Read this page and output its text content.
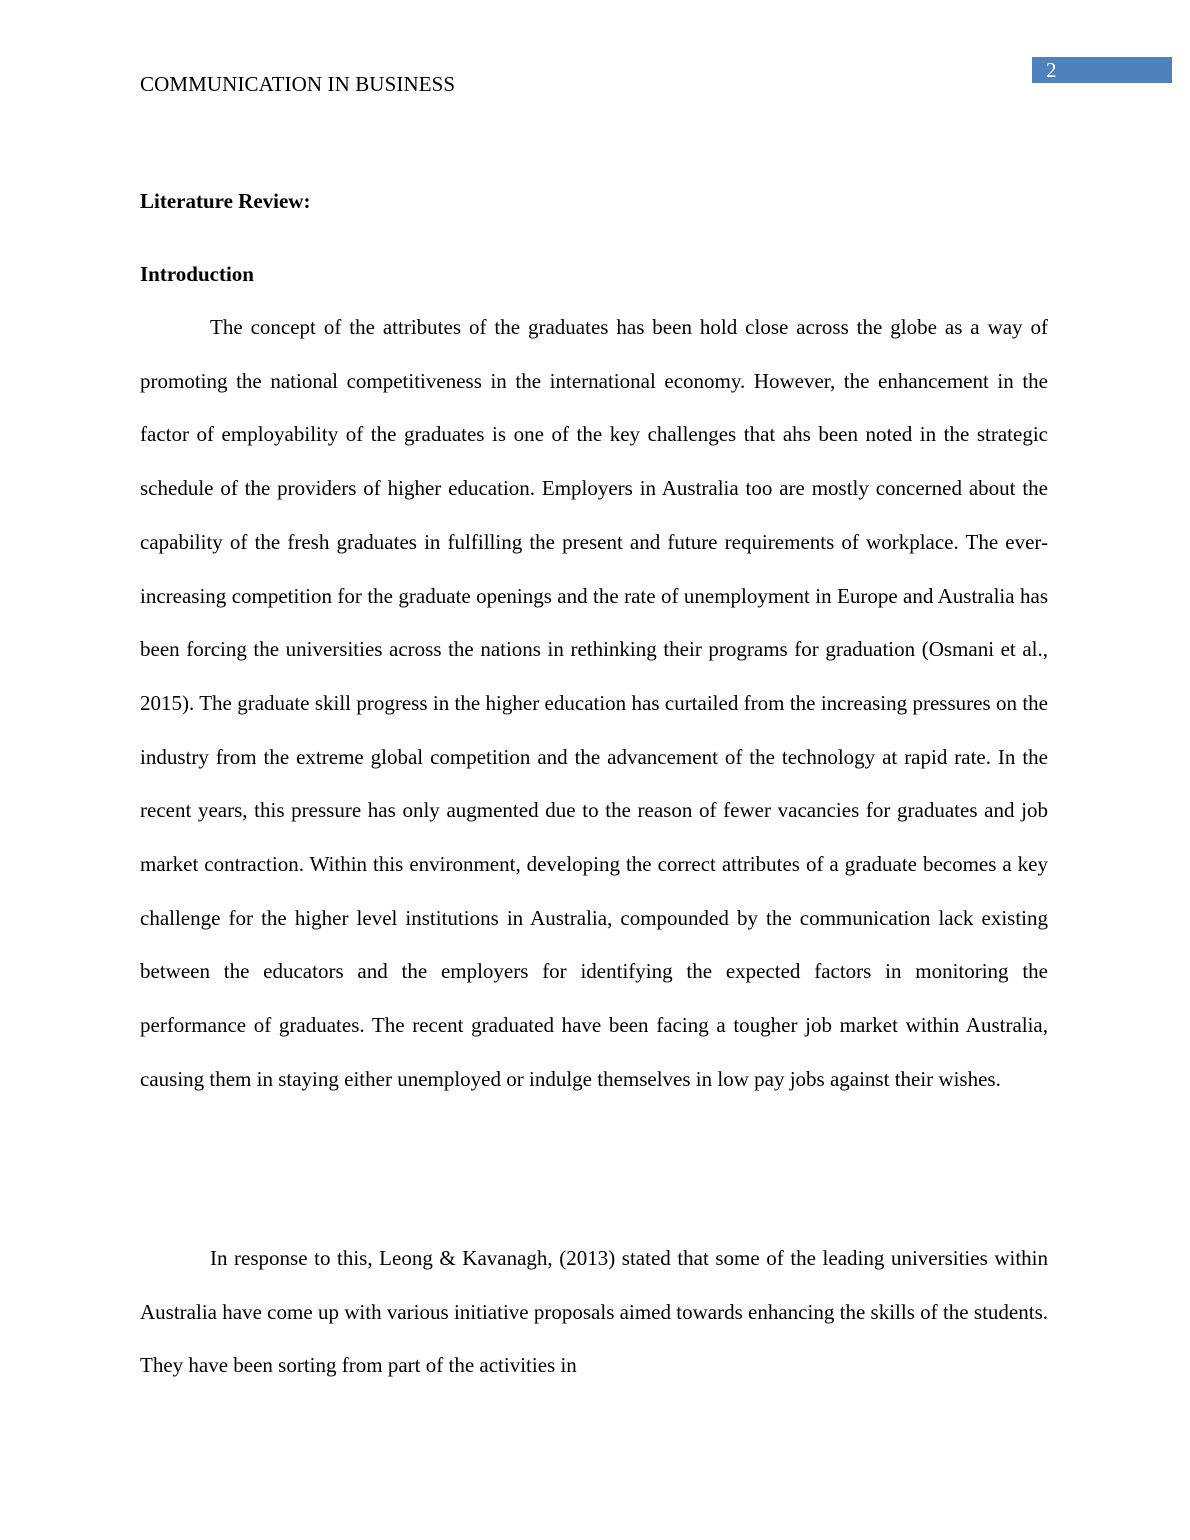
2
COMMUNICATION IN BUSINESS
Literature Review:
Introduction

The concept of the attributes of the graduates has been hold close across the globe as a way of promoting the national competitiveness in the international economy. However, the enhancement in the factor of employability of the graduates is one of the key challenges that ahs been noted in the strategic schedule of the providers of higher education. Employers in Australia too are mostly concerned about the capability of the fresh graduates in fulfilling the present and future requirements of workplace. The ever-increasing competition for the graduate openings and the rate of unemployment in Europe and Australia has been forcing the universities across the nations in rethinking their programs for graduation (Osmani et al., 2015). The graduate skill progress in the higher education has curtailed from the increasing pressures on the industry from the extreme global competition and the advancement of the technology at rapid rate. In the recent years, this pressure has only augmented due to the reason of fewer vacancies for graduates and job market contraction. Within this environment, developing the correct attributes of a graduate becomes a key challenge for the higher level institutions in Australia, compounded by the communication lack existing between the educators and the employers for identifying the expected factors in monitoring the performance of graduates. The recent graduated have been facing a tougher job market within Australia, causing them in staying either unemployed or indulge themselves in low pay jobs against their wishes.

In response to this, Leong & Kavanagh, (2013) stated that some of the leading universities within Australia have come up with various initiative proposals aimed towards enhancing the skills of the students. They have been sorting from part of the activities in
